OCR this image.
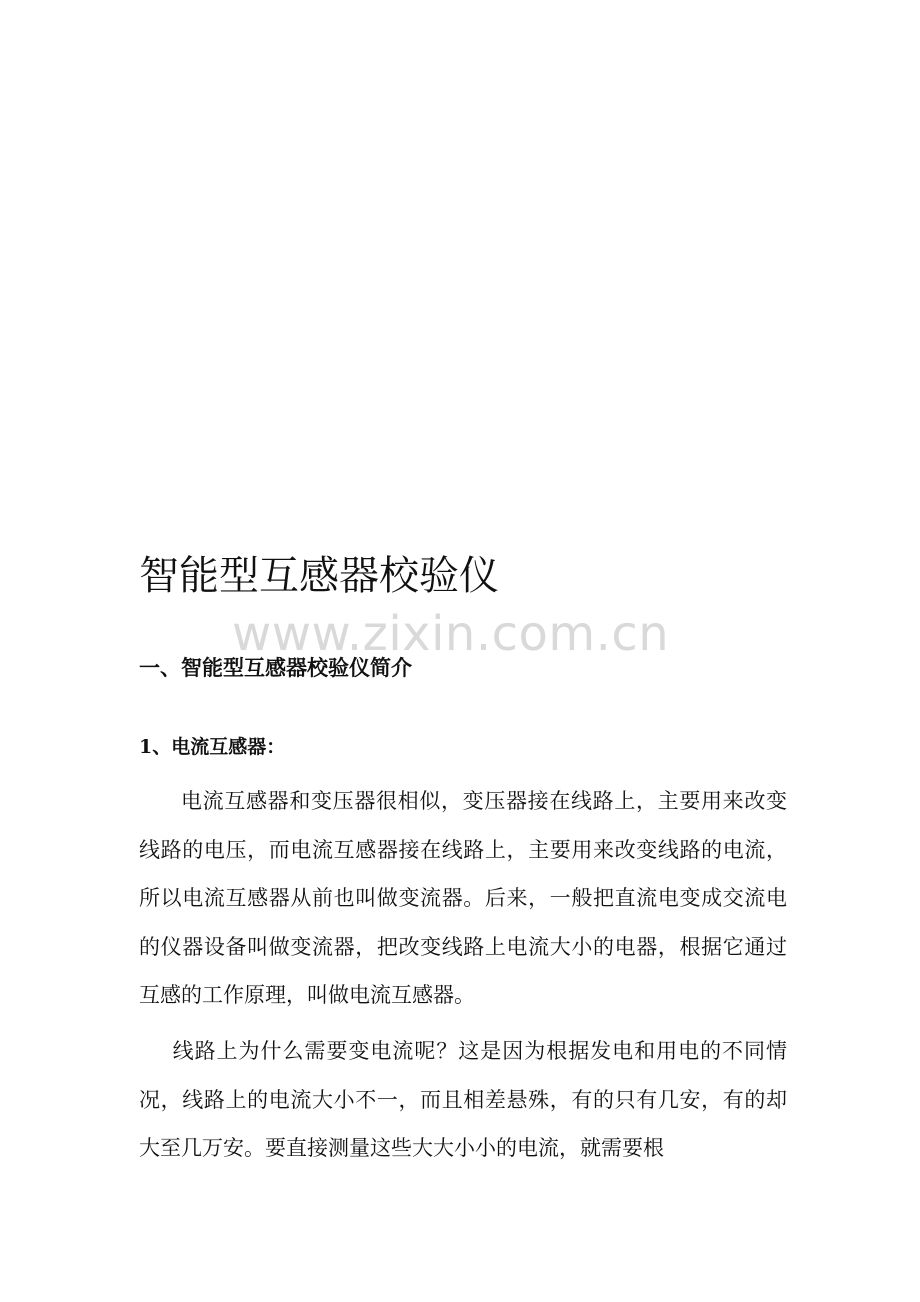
智能型互感器校验仪
www.zixin.com.cn
一、智能型互感器校验仪简介
1、电流互感器：

电流互感器和变压器很相似，变压器接在线路上，主要用来改变线路的电压，而电流互感器接在线路上，主要用来改变线路的电流，所以电流互感器从前也叫做变流器。后来，一般把直流电变成交流电的仪器设备叫做变流器，把改变线路上电流大小的电器，根据它通过互感的工作原理，叫做电流互感器。

线路上为什么需要变电流呢？这是因为根据发电和用电的不同情况，线路上的电流大小不一，而且相差悬殊，有的只有几安，有的却大至几万安。要直接测量这些大大小小的电流，就需要根
